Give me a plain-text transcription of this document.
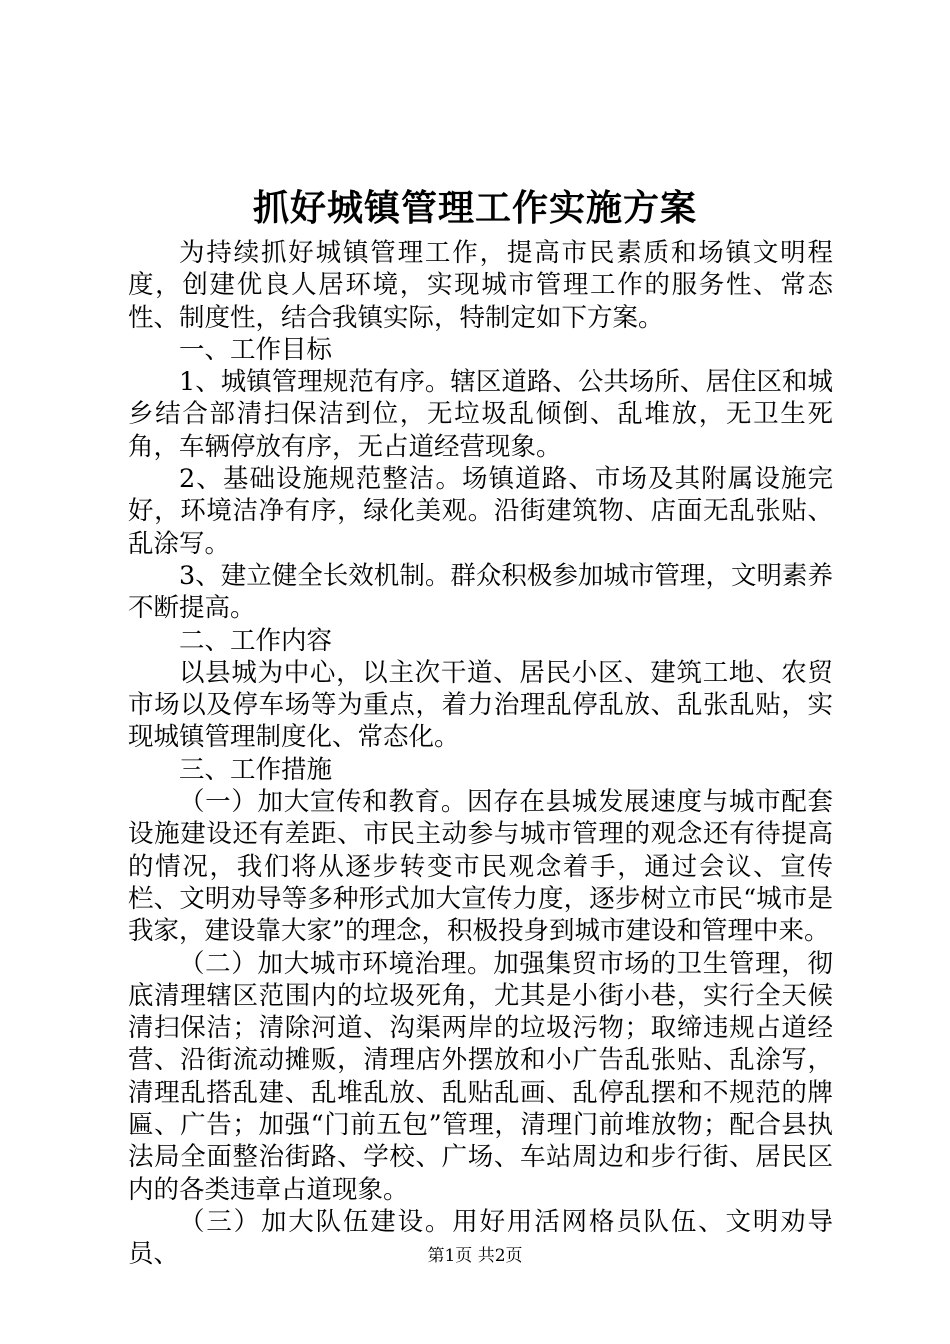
抓好城镇管理工作实施方案

为持续抓好城镇管理工作，提高市民素质和场镇文明程度，创建优良人居环境，实现城市管理工作的服务性、常态性、制度性，结合我镇实际，特制定如下方案。

一、工作目标

1、城镇管理规范有序。辖区道路、公共场所、居住区和城乡结合部清扫保洁到位，无垃圾乱倾倒、乱堆放，无卫生死角，车辆停放有序，无占道经营现象。

2、基础设施规范整洁。场镇道路、市场及其附属设施完好，环境洁净有序，绿化美观。沿街建筑物、店面无乱张贴、乱涂写。

3、建立健全长效机制。群众积极参加城市管理，文明素养不断提高。

二、工作内容

以县城为中心，以主次干道、居民小区、建筑工地、农贸市场以及停车场等为重点，着力治理乱停乱放、乱张乱贴，实现城镇管理制度化、常态化。

三、工作措施

（一）加大宣传和教育。因存在县城发展速度与城市配套设施建设还有差距、市民主动参与城市管理的观念还有待提高的情况，我们将从逐步转变市民观念着手，通过会议、宣传栏、文明劝导等多种形式加大宣传力度，逐步树立市民“城市是我家，建设靠大家”的理念，积极投身到城市建设和管理中来。

（二）加大城市环境治理。加强集贸市场的卫生管理，彻底清理辖区范围内的垃圾死角，尤其是小街小巷，实行全天候清扫保洁；清除河道、沟渠两岸的垃圾污物；取缔违规占道经营、沿街流动摊贩，清理店外摆放和小广告乱张贴、乱涂写，清理乱搭乱建、乱堆乱放、乱贴乱画、乱停乱摆和不规范的牌匾、广告；加强“门前五包”管理，清理门前堆放物；配合县执法局全面整治街路、学校、广场、车站周边和步行街、居民区内的各类违章占道现象。

（三）加大队伍建设。用好用活网格员队伍、文明劝导员、	第1页 共2页
